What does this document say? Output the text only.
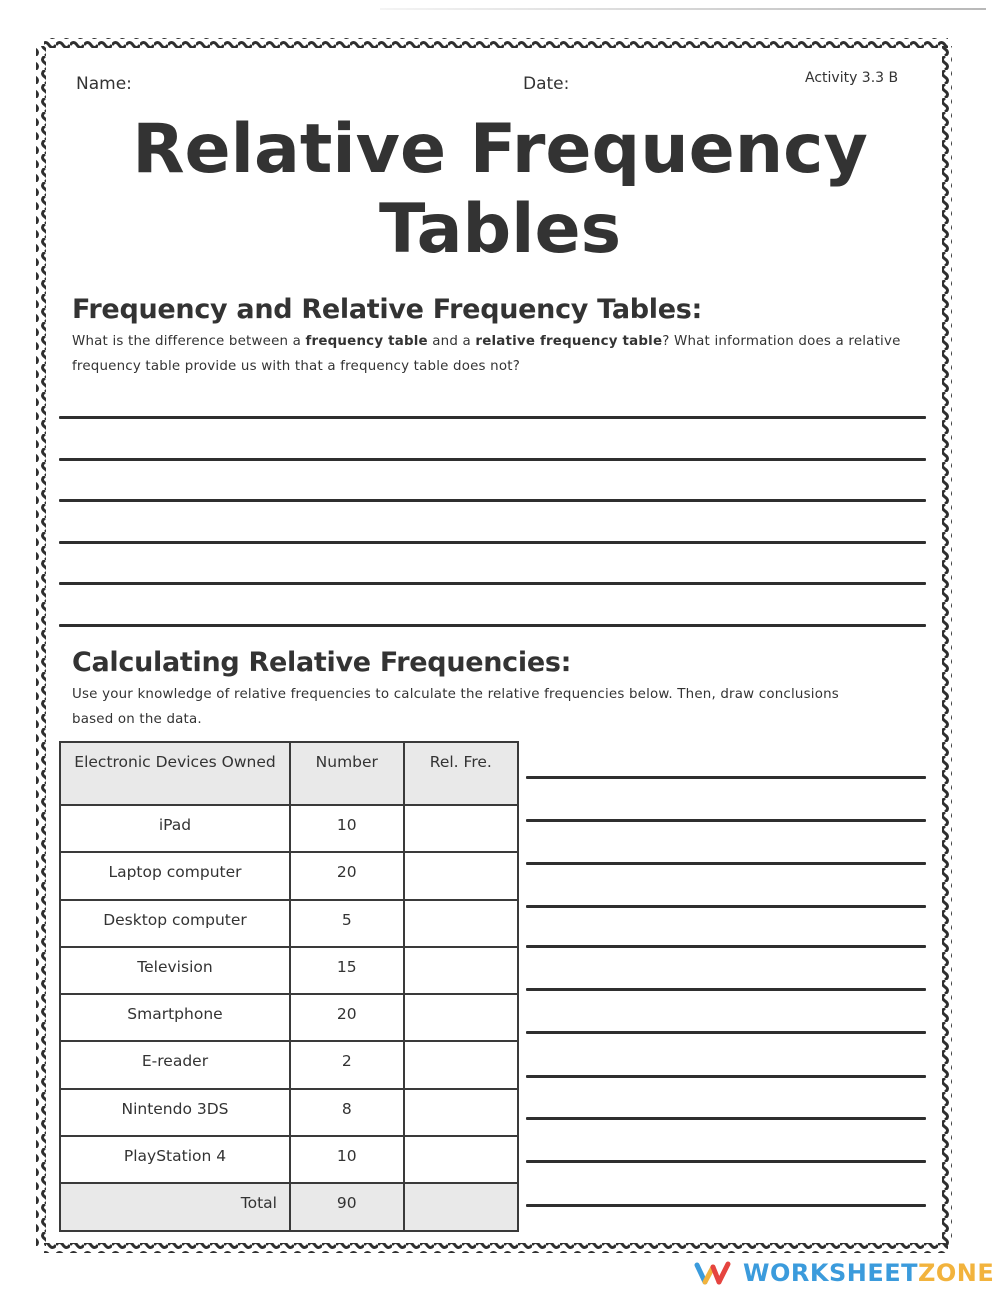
Name:	Date:	Activity 3.3 B
Relative Frequency
Tables
Frequency and Relative Frequency Tables:
What is the difference between a frequency table and a relative frequency table? What information does a relative frequency table provide us with that a frequency table does not?
Calculating Relative Frequencies:
Use your knowledge of relative frequencies to calculate the relative frequencies below. Then, draw conclusions based on the data.
Electronic Devices Owned	Number	Rel. Fre.
iPad	10	
Laptop computer	20	
Desktop computer	5	
Television	15	
Smartphone	20	
E-reader	2	
Nintendo 3DS	8	
PlayStation 4	10	
Total	90	
WORKSHEETZONE
